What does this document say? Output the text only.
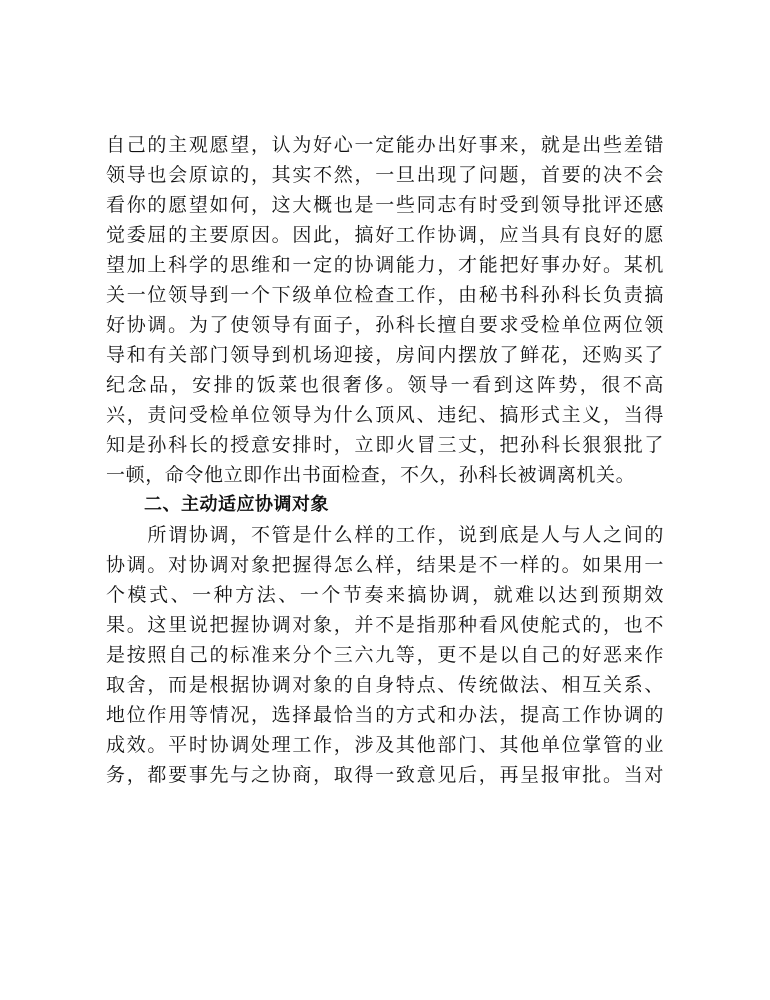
自己的主观愿望，认为好心一定能办出好事来，就是出些差错
领导也会原谅的，其实不然，一旦出现了问题，首要的决不会
看你的愿望如何，这大概也是一些同志有时受到领导批评还感
觉委屈的主要原因。因此，搞好工作协调，应当具有良好的愿
望加上科学的思维和一定的协调能力，才能把好事办好。某机
关一位领导到一个下级单位检查工作，由秘书科孙科长负责搞
好协调。为了使领导有面子，孙科长擅自要求受检单位两位领
导和有关部门领导到机场迎接，房间内摆放了鲜花，还购买了
纪念品，安排的饭菜也很奢侈。领导一看到这阵势，很不高
兴，责问受检单位领导为什么顶风、违纪、搞形式主义，当得
知是孙科长的授意安排时，立即火冒三丈，把孙科长狠狠批了
一顿，命令他立即作出书面检查，不久，孙科长被调离机关。
二、主动适应协调对象
　　所谓协调，不管是什么样的工作，说到底是人与人之间的
协调。对协调对象把握得怎么样，结果是不一样的。如果用一
个模式、一种方法、一个节奏来搞协调，就难以达到预期效
果。这里说把握协调对象，并不是指那种看风使舵式的，也不
是按照自己的标准来分个三六九等，更不是以自己的好恶来作
取舍，而是根据协调对象的自身特点、传统做法、相互关系、
地位作用等情况，选择最恰当的方式和办法，提高工作协调的
成效。平时协调处理工作，涉及其他部门、其他单位掌管的业
务，都要事先与之协商，取得一致意见后，再呈报审批。当对
